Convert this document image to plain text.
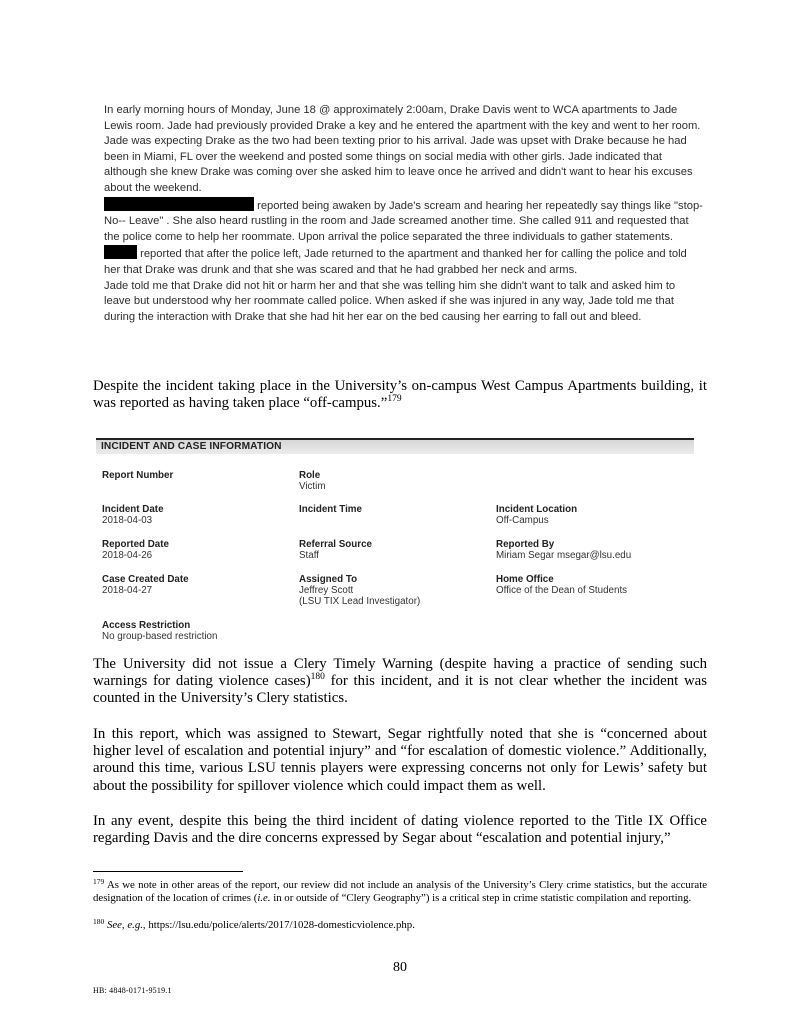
In early morning hours of Monday, June 18 @ approximately 2:00am, Drake Davis went to WCA apartments to Jade Lewis room. Jade had previously provided Drake a key and he entered the apartment with the key and went to her room. Jade was expecting Drake as the two had been texting prior to his arrival. Jade was upset with Drake because he had been in Miami, FL over the weekend and posted some things on social media with other girls. Jade indicated that although she knew Drake was coming over she asked him to leave once he arrived and didn't want to hear his excuses about the weekend.

reported being awaken by Jade's scream and hearing her repeatedly say things like "stop- No-- Leave" . She also heard rustling in the room and Jade screamed another time. She called 911 and requested that the police come to help her roommate. Upon arrival the police separated the three individuals to gather statements.  reported that after the police left, Jade returned to the apartment and thanked her for calling the police and told her that Drake was drunk and that she was scared and that he had grabbed her neck and arms.

Jade told me that Drake did not hit or harm her and that she was telling him she didn't want to talk and asked him to leave but understood why her roommate called police. When asked if she was injured in any way, Jade told me that during the interaction with Drake that she had hit her ear on the bed causing her earring to fall out and bleed.

Despite the incident taking place in the University’s on-campus West Campus Apartments building, it was reported as having taken place “off-campus.”$^{179}$

INCIDENT AND CASE INFORMATION
Report Number	Role
Victim
Incident Date
2018-04-03
Incident Time	Incident Location
Off-Campus
Reported Date
2018-04-26
Referral Source
Staff
Reported By
Miriam Segar msegar@lsu.edu
Case Created Date
2018-04-27
Assigned To
Jeffrey Scott
(LSU TIX Lead Investigator)
Home Office
Office of the Dean of Students
Access Restriction
No group-based restriction

The University did not issue a Clery Timely Warning (despite having a practice of sending such warnings for dating violence cases)$^{180}$ for this incident, and it is not clear whether the incident was counted in the University’s Clery statistics.

In this report, which was assigned to Stewart, Segar rightfully noted that she is “concerned about higher level of escalation and potential injury” and “for escalation of domestic violence.” Additionally, around this time, various LSU tennis players were expressing concerns not only for Lewis’ safety but about the possibility for spillover violence which could impact them as well.

In any event, despite this being the third incident of dating violence reported to the Title IX Office regarding Davis and the dire concerns expressed by Segar about “escalation and potential injury,”

$^{179}$ As we note in other areas of the report, our review did not include an analysis of the University’s Clery crime statistics, but the accurate designation of the location of crimes (i.e. in or outside of “Clery Geography”) is a critical step in crime statistic compilation and reporting.

$^{180}$ See, e.g., https://lsu.edu/police/alerts/2017/1028-domesticviolence.php.

80
HB: 4848-0171-9519.1
